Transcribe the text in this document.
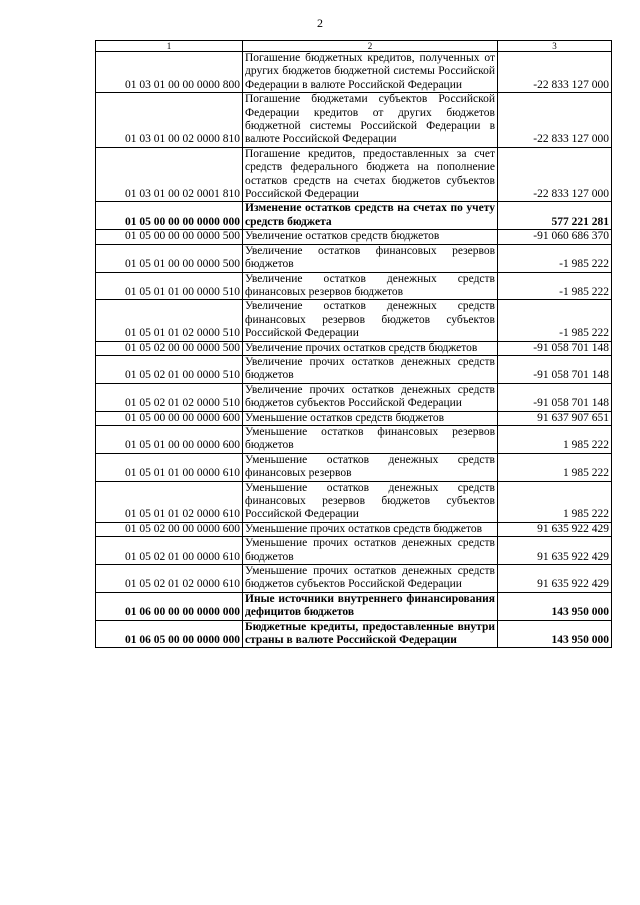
2
1	2	3
01 03 01 00 00 0000 800	Погашение бюджетных кредитов, полученных от других бюджетов бюджетной системы Российской Федерации в валюте Российской Федерации	-22 833 127 000
01 03 01 00 02 0000 810	Погашение бюджетами субъектов Российской Федерации кредитов от других бюджетов бюджетной системы Российской Федерации в валюте Российской Федерации	-22 833 127 000
01 03 01 00 02 0001 810	Погашение кредитов, предоставленных за счет средств федерального бюджета на пополнение остатков средств на счетах бюджетов субъектов Российской Федерации	-22 833 127 000
01 05 00 00 00 0000 000	Изменение остатков средств на счетах по учету средств бюджета	577 221 281
01 05 00 00 00 0000 500	Увеличение остатков средств бюджетов	-91 060 686 370
01 05 01 00 00 0000 500	Увеличение остатков финансовых резервов бюджетов	-1 985 222
01 05 01 01 00 0000 510	Увеличение остатков денежных средств финансовых резервов бюджетов	-1 985 222
01 05 01 01 02 0000 510	Увеличение остатков денежных средств финансовых резервов бюджетов субъектов Российской Федерации	-1 985 222
01 05 02 00 00 0000 500	Увеличение прочих остатков средств бюджетов	-91 058 701 148
01 05 02 01 00 0000 510	Увеличение прочих остатков денежных средств бюджетов	-91 058 701 148
01 05 02 01 02 0000 510	Увеличение прочих остатков денежных средств бюджетов субъектов Российской Федерации	-91 058 701 148
01 05 00 00 00 0000 600	Уменьшение остатков средств бюджетов	91 637 907 651
01 05 01 00 00 0000 600	Уменьшение остатков финансовых резервов бюджетов	1 985 222
01 05 01 01 00 0000 610	Уменьшение остатков денежных средств финансовых резервов	1 985 222
01 05 01 01 02 0000 610	Уменьшение остатков денежных средств финансовых резервов бюджетов субъектов Российской Федерации	1 985 222
01 05 02 00 00 0000 600	Уменьшение прочих остатков средств бюджетов	91 635 922 429
01 05 02 01 00 0000 610	Уменьшение прочих остатков денежных средств бюджетов	91 635 922 429
01 05 02 01 02 0000 610	Уменьшение прочих остатков денежных средств бюджетов субъектов Российской Федерации	91 635 922 429
01 06 00 00 00 0000 000	Иные источники внутреннего финансирования дефицитов бюджетов	143 950 000
01 06 05 00 00 0000 000	Бюджетные кредиты, предоставленные внутри страны в валюте Российской Федерации	143 950 000
